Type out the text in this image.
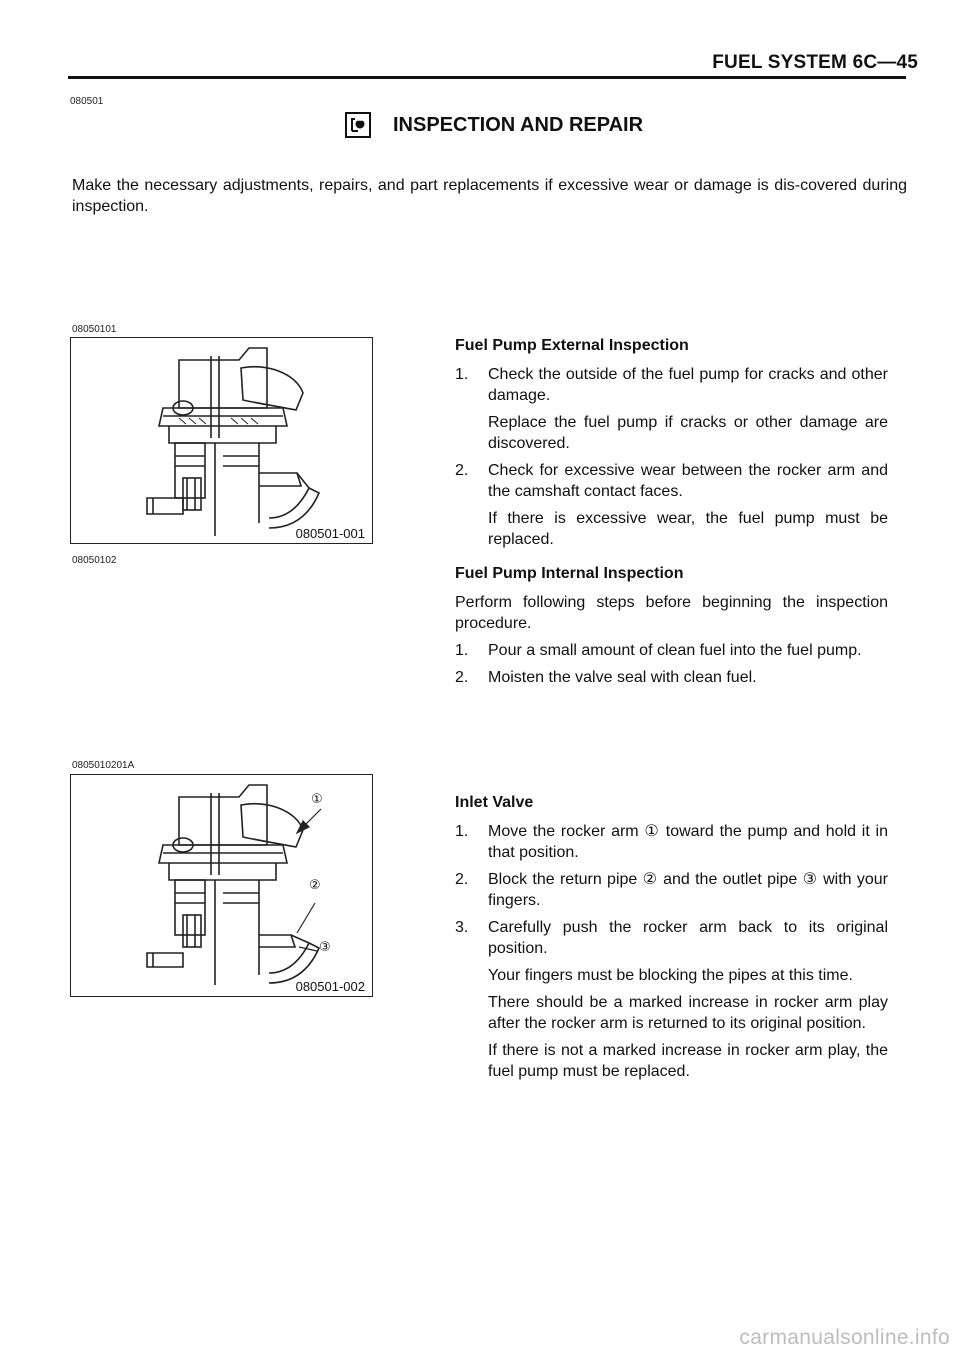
FUEL SYSTEM 6C—45
080501
INSPECTION AND REPAIR
Make the necessary adjustments, repairs, and part replacements if excessive wear or damage is dis-covered during inspection.
08050101
080501-001
08050102
0805010201A
①
②
③
080501-002
Fuel Pump External Inspection
1.	Check the outside of the fuel pump for cracks and other damage.
Replace the fuel pump if cracks or other damage are discovered.
2.	Check for excessive wear between the rocker arm and the camshaft contact faces.
If there is excessive wear, the fuel pump must be replaced.
Fuel Pump Internal Inspection
Perform following steps before beginning the inspection procedure.
1.	Pour a small amount of clean fuel into the fuel pump.
2.	Moisten the valve seal with clean fuel.
Inlet Valve
1.	Move the rocker arm ① toward the pump and hold it in that position.
2.	Block the return pipe ② and the outlet pipe ③ with your fingers.
3.	Carefully push the rocker arm back to its original position.
Your fingers must be blocking the pipes at this time.
There should be a marked increase in rocker arm play after the rocker arm is returned to its original position.
If there is not a marked increase in rocker arm play, the fuel pump must be replaced.
carmanualsonline.info
